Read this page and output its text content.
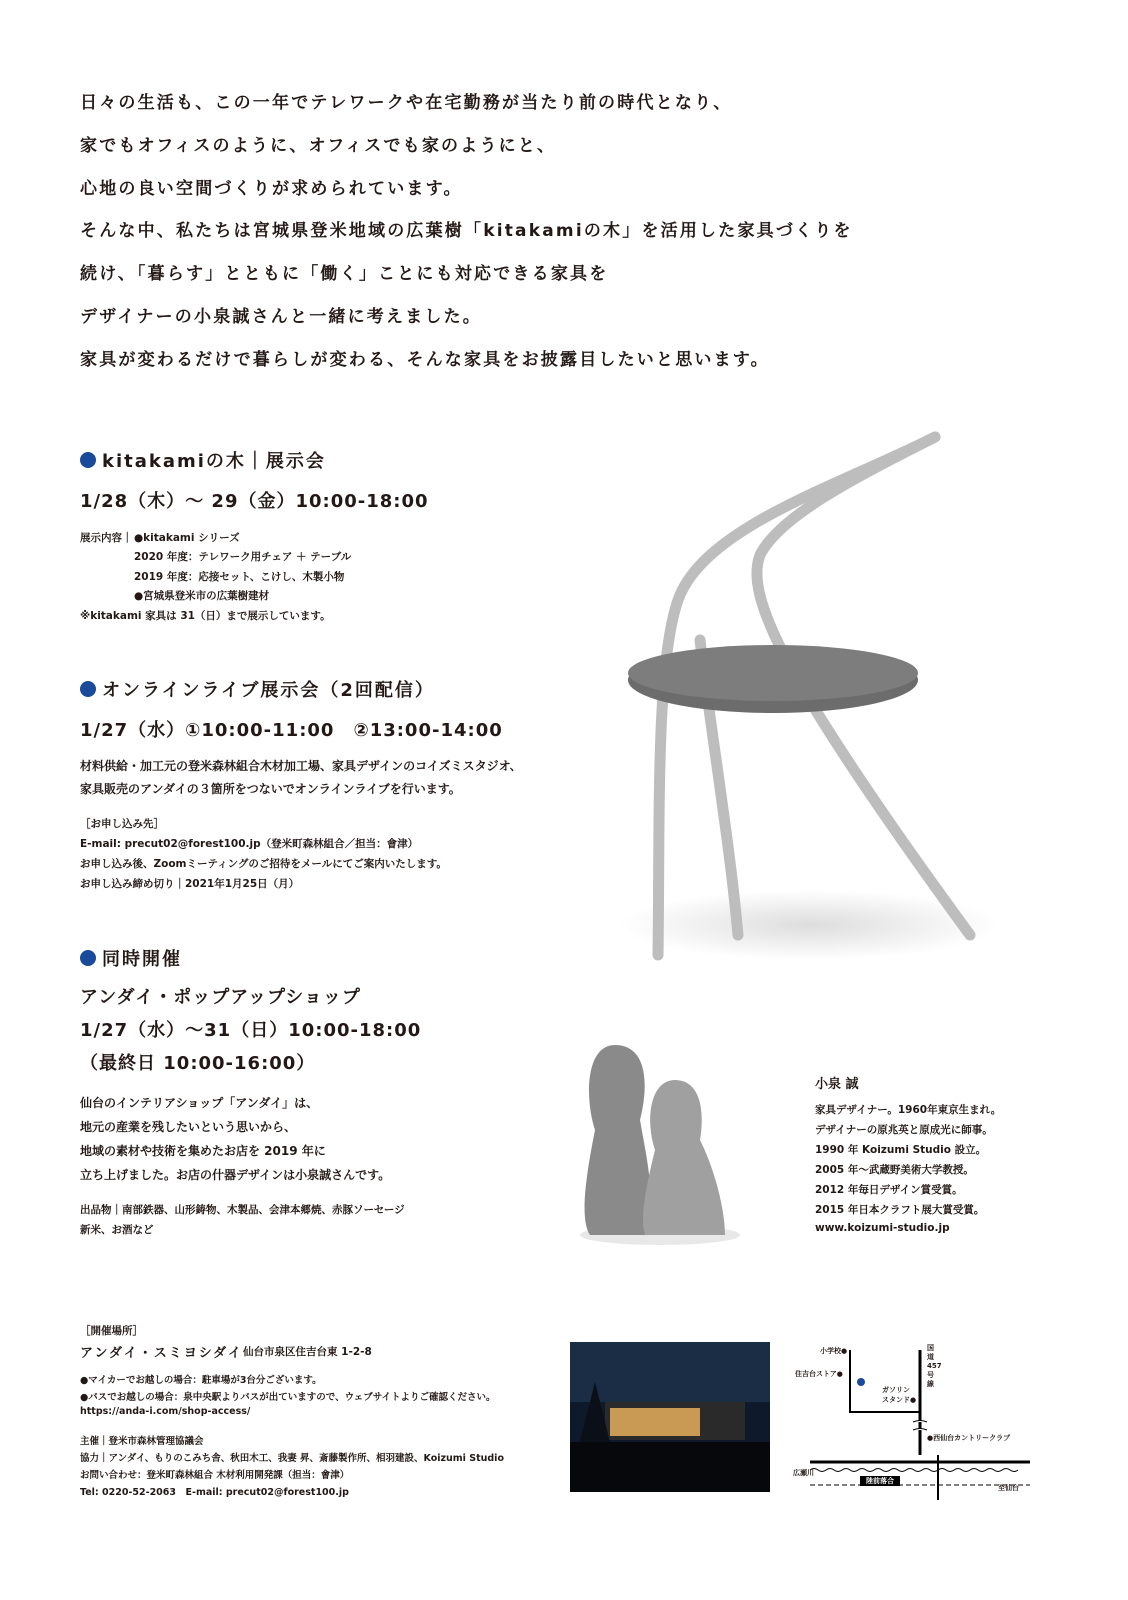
日々の生活も、この一年でテレワークや在宅勤務が当たり前の時代となり、
家でもオフィスのように、オフィスでも家のようにと、
心地の良い空間づくりが求められています。
そんな中、私たちは宮城県登米地域の広葉樹「kitakamiの木」を活用した家具づくりを
続け、「暮らす」とともに「働く」ことにも対応できる家具を
デザイナーの小泉誠さんと一緒に考えました。
家具が変わるだけで暮らしが変わる、そんな家具をお披露目したいと思います。
kitakamiの木｜展示会
1/28（木）〜 29（金）10:00-18:00
展示内容｜ ●kitakami シリーズ
2020 年度：テレワーク用チェア ＋ テーブル
2019 年度：応接セット、こけし、木製小物
●宮城県登米市の広葉樹建材
※kitakami 家具は 31（日）まで展示しています。
オンラインライブ展示会（2回配信）
1/27（水）①10:00-11:00　②13:00-14:00
材料供給・加工元の登米森林組合木材加工場、家具デザインのコイズミスタジオ、
家具販売のアンダイの３箇所をつないでオンラインライブを行います。
［お申し込み先］
E-mail: precut02@forest100.jp（登米町森林組合／担当：會津）
お申し込み後、Zoomミーティングのご招待をメールにてご案内いたします。
お申し込み締め切り｜2021年1月25日（月）
同時開催
アンダイ・ポップアップショップ
1/27（水）〜31（日）10:00-18:00
（最終日 10:00-16:00）
仙台のインテリアショップ「アンダイ」は、
地元の産業を残したいという思いから、
地域の素材や技術を集めたお店を 2019 年に
立ち上げました。お店の什器デザインは小泉誠さんです。
出品物｜南部鉄器、山形鋳物、木製品、会津本郷焼、赤豚ソーセージ
新米、お酒など
小泉 誠
家具デザイナー。1960年東京生まれ。
デザイナーの原兆英と原成光に師事。
1990 年 Koizumi Studio 設立。
2005 年〜武蔵野美術大学教授。
2012 年毎日デザイン賞受賞。
2015 年日本クラフト展大賞受賞。
www.koizumi-studio.jp
［開催場所］
アンダイ・スミヨシダイ 仙台市泉区住吉台東 1-2-8
●マイカーでお越しの場合：駐車場が3台分ございます。
●バスでお越しの場合：泉中央駅よりバスが出ていますので、ウェブサイトよりご確認ください。
https://anda-i.com/shop-access/
主催｜登米市森林管理協議会
協力｜アンダイ、もりのこみち舎、秋田木工、我妻 昇、斎藤製作所、相羽建設、Koizumi Studio
お問い合わせ：登米町森林組合 木材利用開発課（担当：會津）
Tel: 0220-52-2063　E-mail: precut02@forest100.jp
小学校●
住吉台ストア●
ガソリン
スタンド●
国道457号線
●西仙台カントリークラブ
広瀬川
陸前落合
至仙台
